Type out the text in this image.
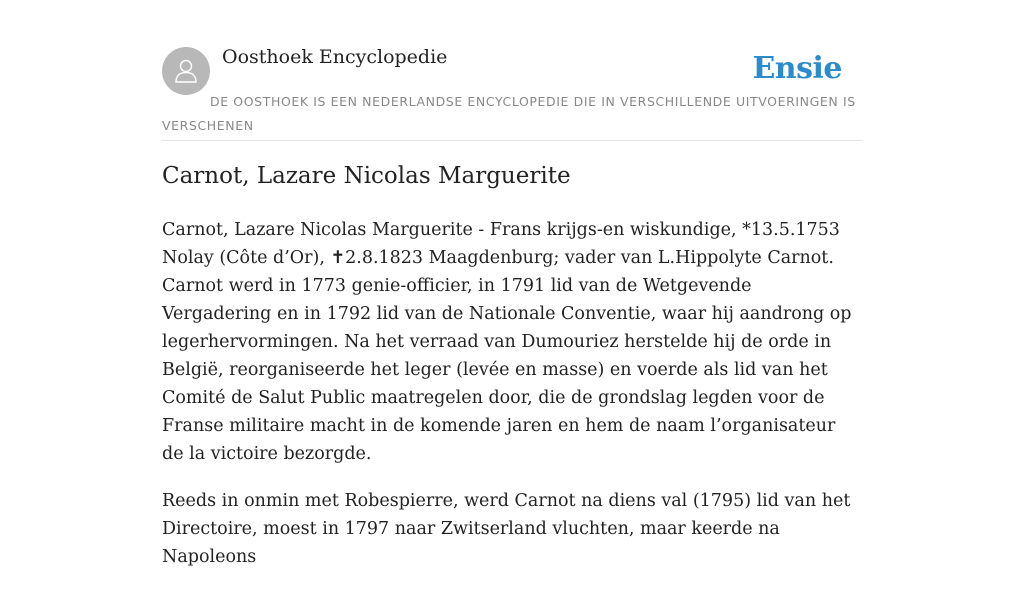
Oosthoek Encyclopedie	Ensie
DE OOSTHOEK IS EEN NEDERLANDSE ENCYCLOPEDIE DIE IN VERSCHILLENDE UITVOERINGEN IS VERSCHENEN
Carnot, Lazare Nicolas Marguerite

Carnot, Lazare Nicolas Marguerite - Frans krijgs-en wiskundige, *13.5.1753 Nolay (Côte d’Or), ✝2.8.1823 Maagdenburg; vader van L.Hippolyte Carnot. Carnot werd in 1773 genie-officier, in 1791 lid van de Wetgevende Vergadering en in 1792 lid van de Nationale Conventie, waar hij aandrong op legerhervormingen. Na het verraad van Dumouriez herstelde hij de orde in België, reorganiseerde het leger (levée en masse) en voerde als lid van het Comité de Salut Public maatregelen door, die de grondslag legden voor de Franse militaire macht in de komende jaren en hem de naam l’organisateur de la victoire bezorgde.

Reeds in onmin met Robespierre, werd Carnot na diens val (1795) lid van het Directoire, moest in 1797 naar Zwitserland vluchten, maar keerde na Napoleons
